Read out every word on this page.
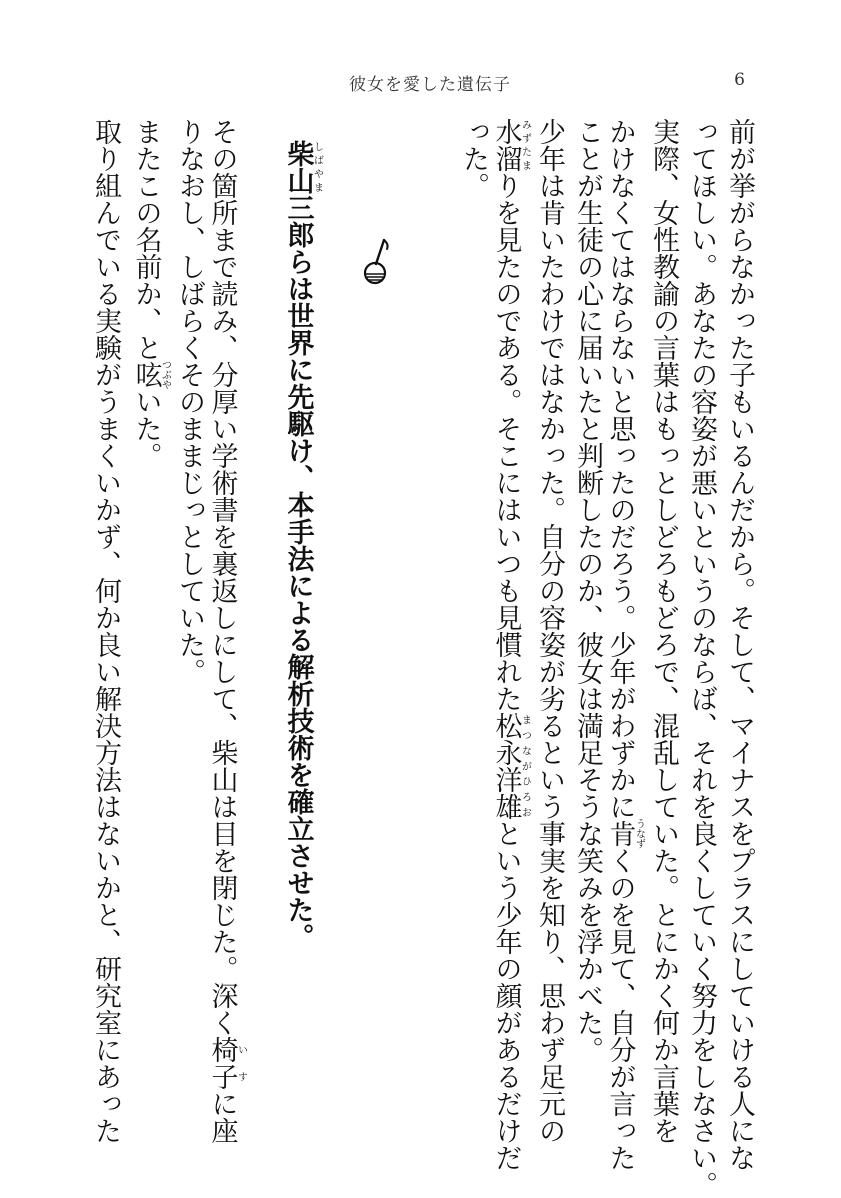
彼女を愛した遺伝子	6
前が挙がらなかった子もいるんだから。そして、マイナスをプラスにしていける人にな
ってほしい。あなたの容姿が悪いというのならば、それを良くしていく努力をしなさい。
実際、女性教諭の言葉はもっとしどろもどろで、混乱していた。とにかく何か言葉を
かけなくてはならないと思ったのだろう。少年がわずかに肯うなずくのを見て、自分が言った
ことが生徒の心に届いたと判断したのか、彼女は満足そうな笑みを浮かべた。
少年は肯いたわけではなかった。自分の容姿が劣るという事実を知り、思わず足元の
水溜みずたまりを見たのである。そこにはいつも見慣れた松永洋雄まつながひろおという少年の顔があるだけだ
った。
柴山しばやま三郎らは世界に先駆け、本手法による解析技術を確立させた。
その箇所まで読み、分厚い学術書を裏返しにして、柴山は目を閉じた。深く椅子いすに座
りなおし、しばらくそのままじっとしていた。
またこの名前か、と呟つぶやいた。
取り組んでいる実験がうまくいかず、何か良い解決方法はないかと、研究室にあった
